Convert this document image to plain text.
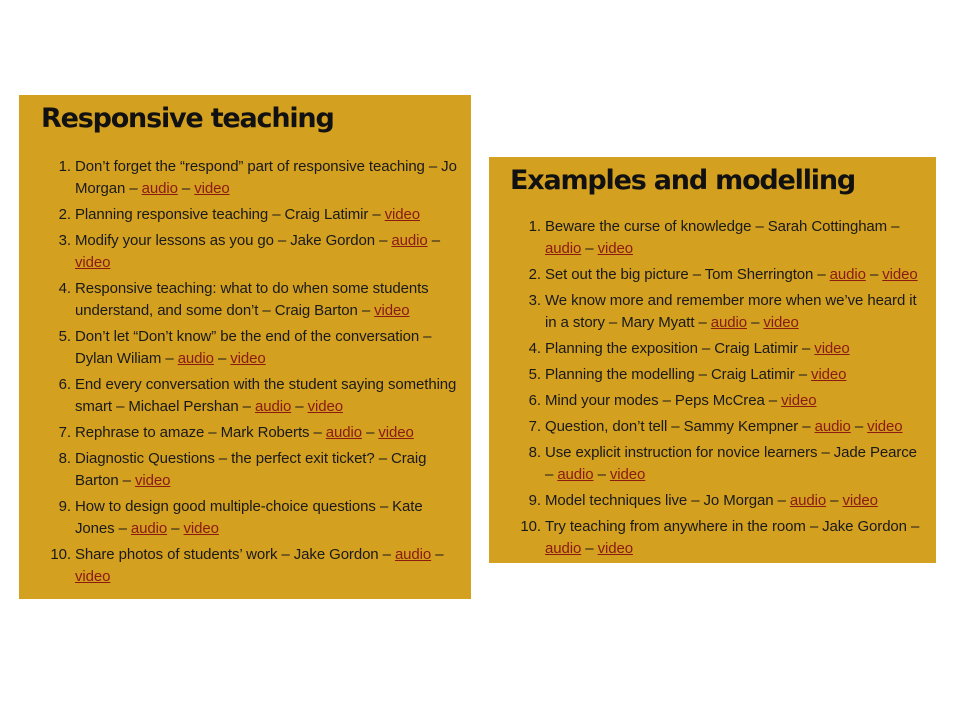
Responsive teaching
1. Don’t forget the “respond” part of responsive teaching – Jo Morgan – audio – video
2. Planning responsive teaching – Craig Latimir – video
3. Modify your lessons as you go – Jake Gordon – audio – video
4. Responsive teaching: what to do when some students understand, and some don’t – Craig Barton – video
5. Don’t let “Don’t know” be the end of the conversation – Dylan Wiliam – audio – video
6. End every conversation with the student saying something smart – Michael Pershan – audio – video
7. Rephrase to amaze – Mark Roberts – audio – video
8. Diagnostic Questions – the perfect exit ticket? – Craig Barton – video
9. How to design good multiple-choice questions – Kate Jones – audio – video
10. Share photos of students’ work – Jake Gordon – audio – video
Examples and modelling
1. Beware the curse of knowledge – Sarah Cottingham – audio – video
2. Set out the big picture – Tom Sherrington – audio – video
3. We know more and remember more when we’ve heard it in a story – Mary Myatt – audio – video
4. Planning the exposition – Craig Latimir – video
5. Planning the modelling – Craig Latimir – video
6. Mind your modes – Peps McCrea – video
7. Question, don’t tell – Sammy Kempner – audio – video
8. Use explicit instruction for novice learners – Jade Pearce – audio – video
9. Model techniques live – Jo Morgan – audio – video
10. Try teaching from anywhere in the room – Jake Gordon – audio – video
